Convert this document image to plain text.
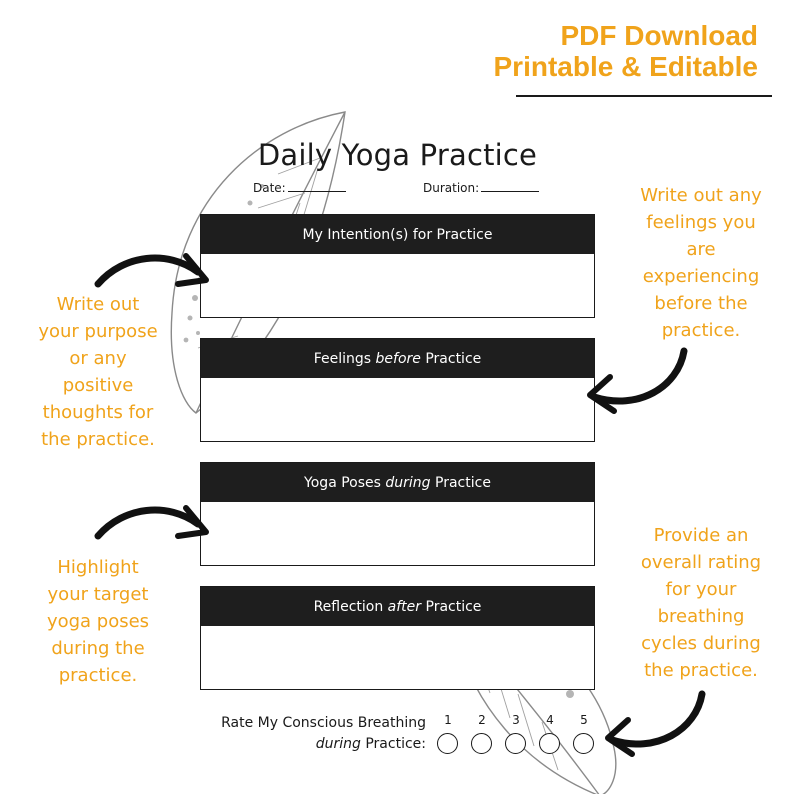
PDF Download
Printable & Editable
Daily Yoga Practice
Date:	Duration:
My Intention(s) for Practice
Feelings before Practice
Yoga Poses during Practice
Reflection after Practice
Write out
your purpose
or any
positive
thoughts for
the practice.
Highlight
your target
yoga poses
during the
practice.
Write out any
feelings you
are
experiencing
before the
practice.
Provide an
overall rating
for your
breathing
cycles during
the practice.
Rate My Conscious Breathing
during Practice:
1	2	3	4	5
